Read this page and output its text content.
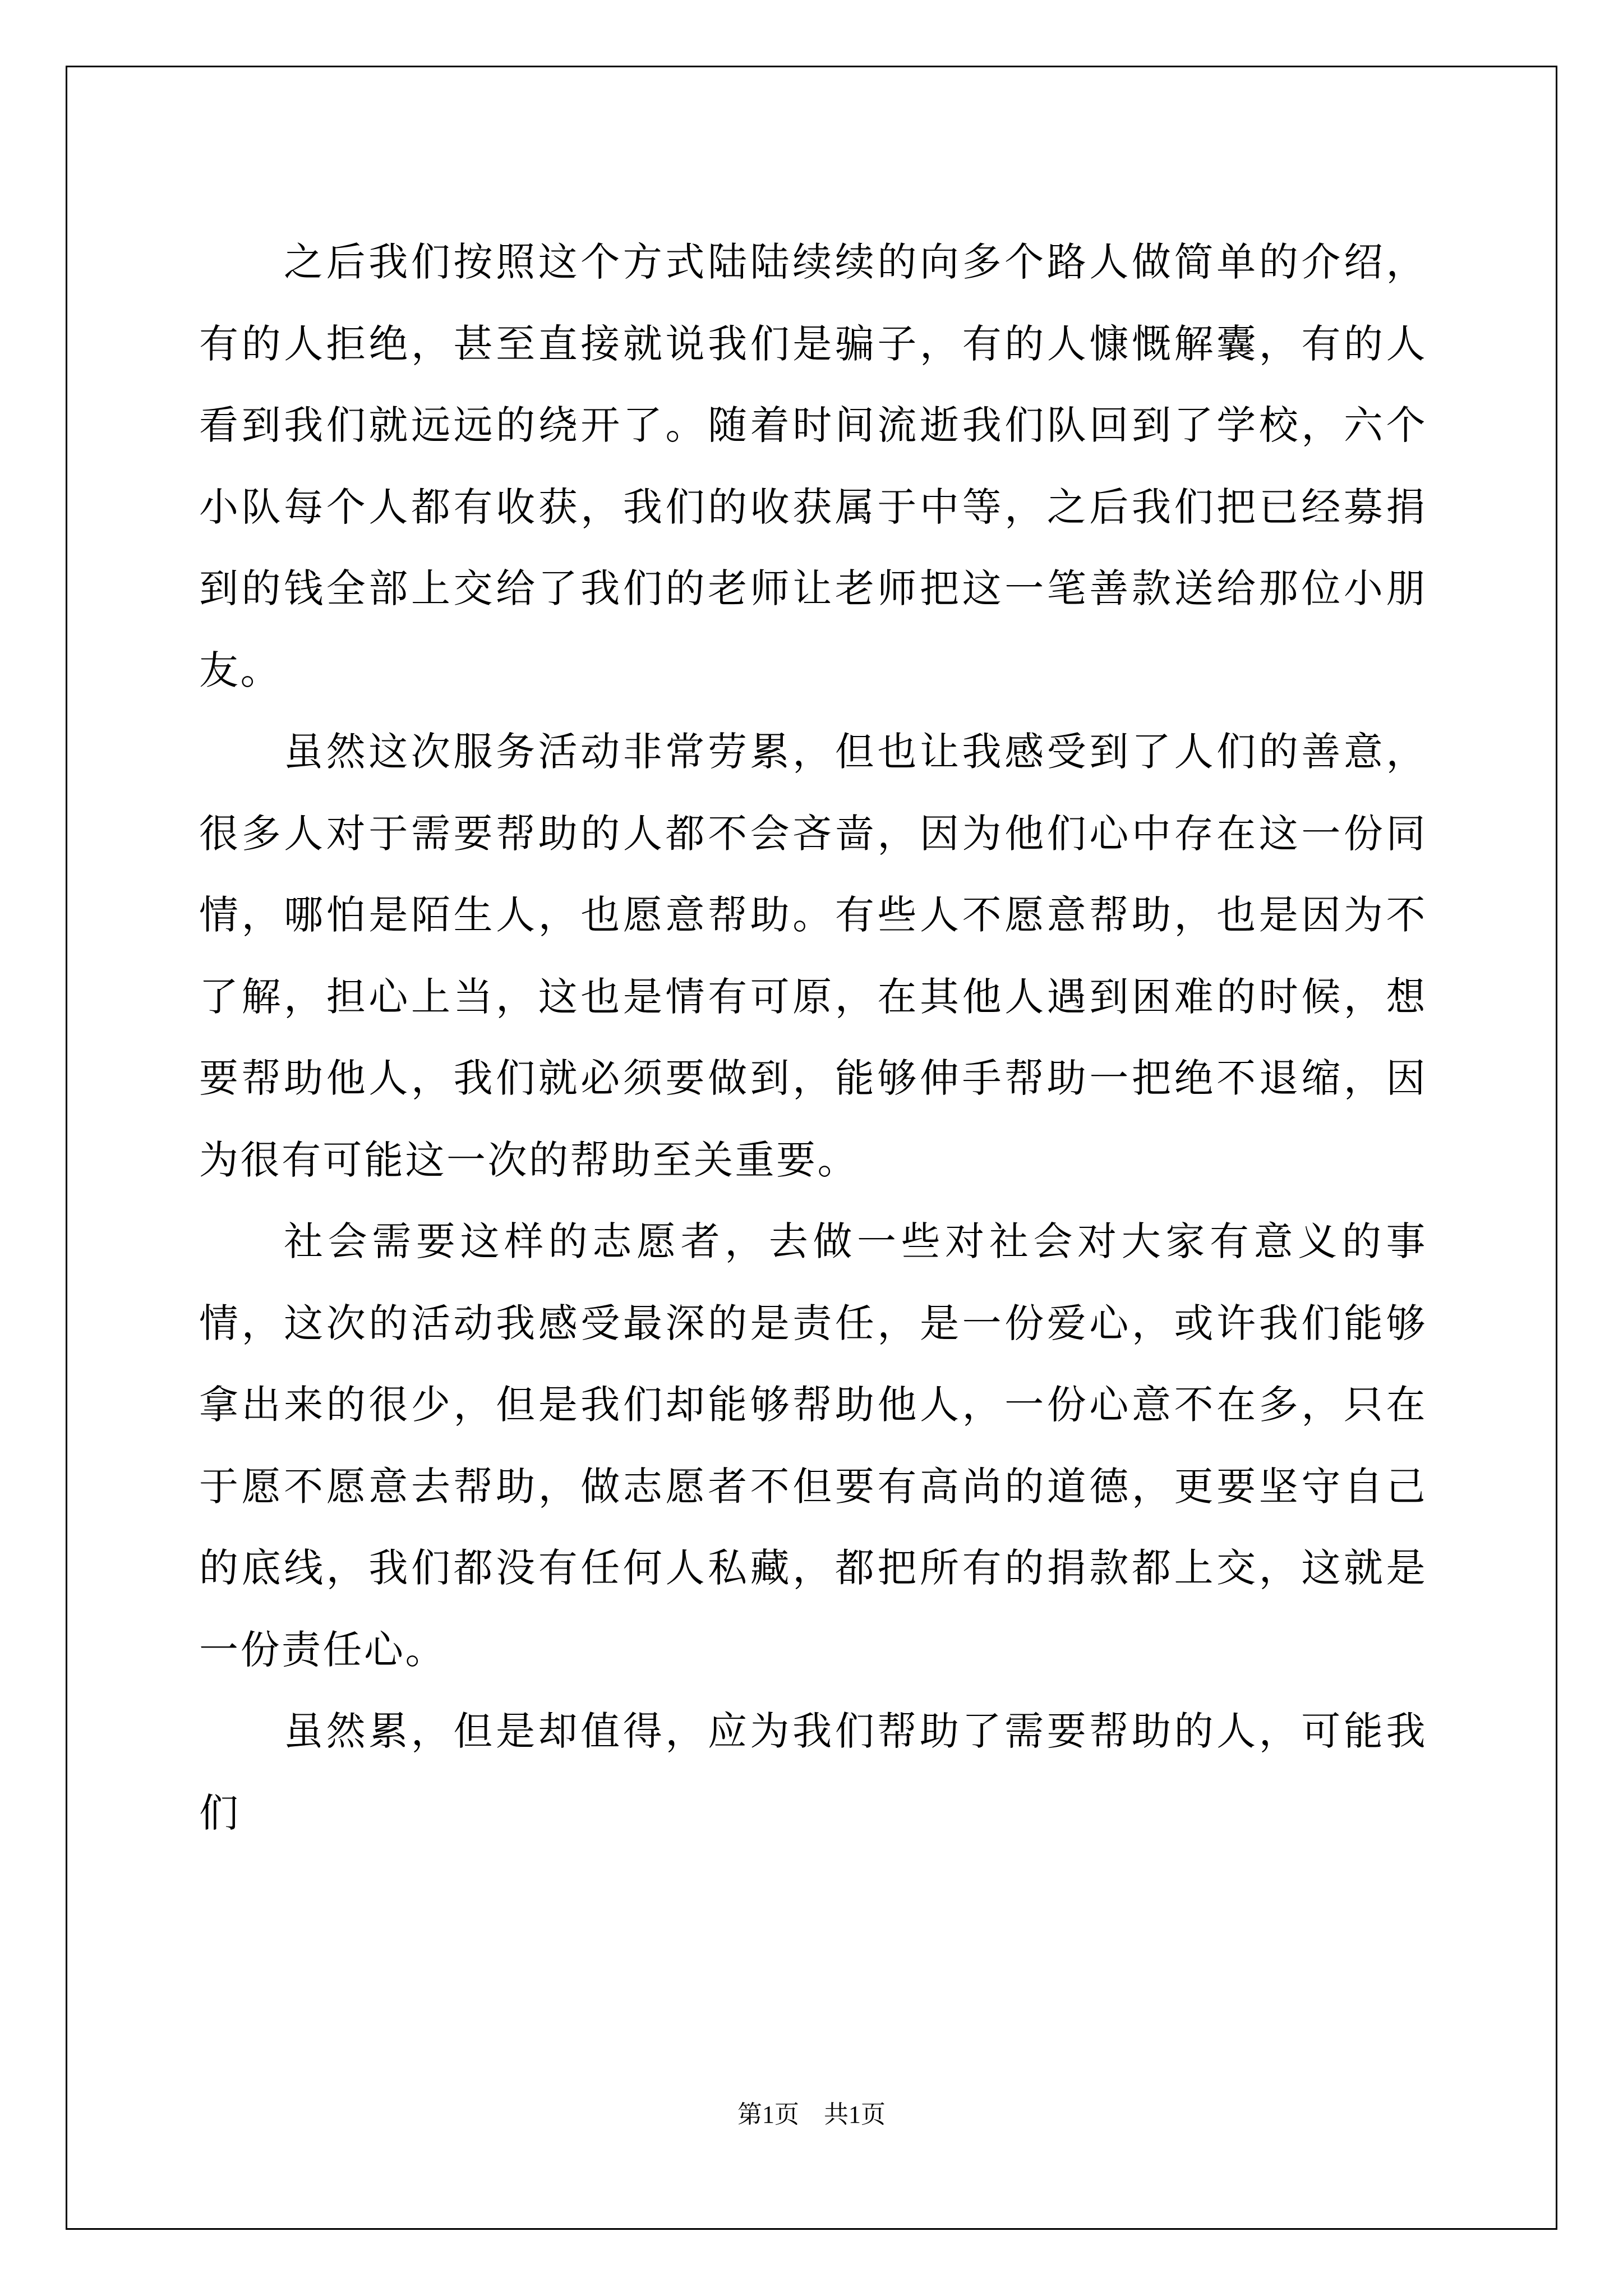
之后我们按照这个方式陆陆续续的向多个路人做简单的介绍，有的人拒绝，甚至直接就说我们是骗子，有的人慷慨解囊，有的人看到我们就远远的绕开了。随着时间流逝我们队回到了学校，六个小队每个人都有收获，我们的收获属于中等，之后我们把已经募捐到的钱全部上交给了我们的老师让老师把这一笔善款送给那位小朋友。

虽然这次服务活动非常劳累，但也让我感受到了人们的善意，很多人对于需要帮助的人都不会吝啬，因为他们心中存在这一份同情，哪怕是陌生人，也愿意帮助。有些人不愿意帮助，也是因为不了解，担心上当，这也是情有可原，在其他人遇到困难的时候，想要帮助他人，我们就必须要做到，能够伸手帮助一把绝不退缩，因为很有可能这一次的帮助至关重要。

社会需要这样的志愿者，去做一些对社会对大家有意义的事情，这次的活动我感受最深的是责任，是一份爱心，或许我们能够拿出来的很少，但是我们却能够帮助他人，一份心意不在多，只在于愿不愿意去帮助，做志愿者不但要有高尚的道德，更要坚守自己的底线，我们都没有任何人私藏，都把所有的捐款都上交，这就是一份责任心。

虽然累，但是却值得，应为我们帮助了需要帮助的人，可能我们

第1页　共1页
